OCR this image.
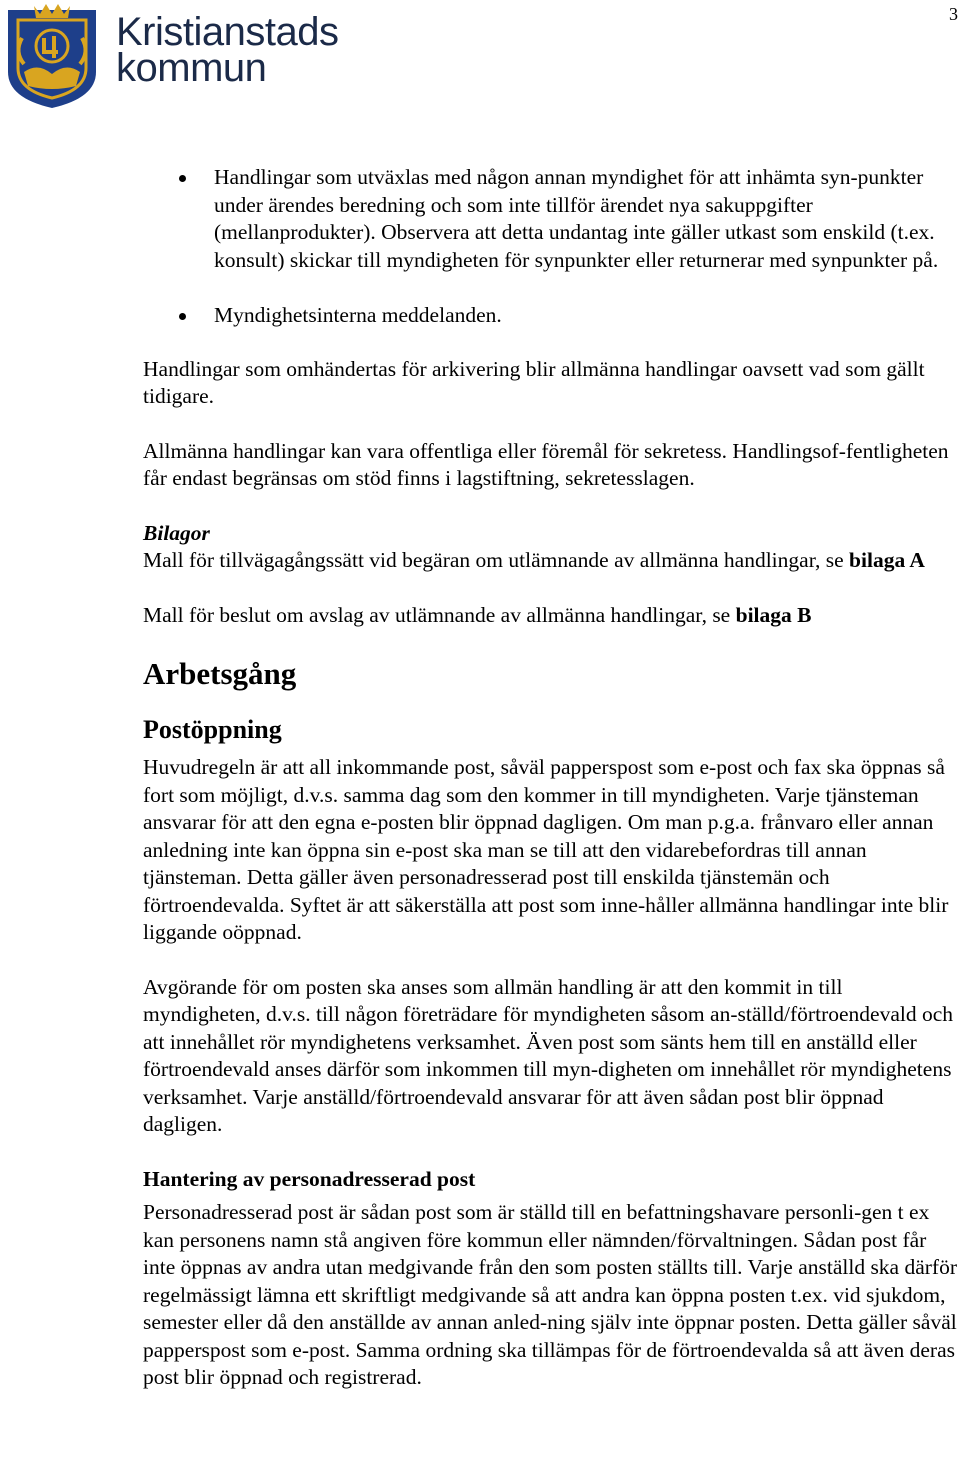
3
Kristianstads
kommun
Handlingar som utväxlas med någon annan myndighet för att inhämta syn-punkter under ärendes beredning och som inte tillför ärendet nya sakuppgifter (mellanprodukter). Observera att detta undantag inte gäller utkast som enskild (t.ex. konsult) skickar till myndigheten för synpunkter eller returnerar med synpunkter på.
Myndighetsinterna meddelanden.

Handlingar som omhändertas för arkivering blir allmänna handlingar oavsett vad som gällt tidigare.

Allmänna handlingar kan vara offentliga eller föremål för sekretess. Handlingsof-fentligheten får endast begränsas om stöd finns i lagstiftning, sekretesslagen.

Bilagor

Mall för tillvägagångssätt vid begäran om utlämnande av allmänna handlingar, se bilaga A

Mall för beslut om avslag av utlämnande av allmänna handlingar, se bilaga B

Arbetsgång
Postöppning

Huvudregeln är att all inkommande post, såväl papperspost som e-post och fax ska öppnas så fort som möjligt, d.v.s. samma dag som den kommer in till myndigheten. Varje tjänsteman ansvarar för att den egna e-posten blir öppnad dagligen. Om man p.g.a. frånvaro eller annan anledning inte kan öppna sin e-post ska man se till att den vidarebefordras till annan tjänsteman. Detta gäller även personadresserad post till enskilda tjänstemän och förtroendevalda. Syftet är att säkerställa att post som inne-håller allmänna handlingar inte blir liggande oöppnad.

Avgörande för om posten ska anses som allmän handling är att den kommit in till myndigheten, d.v.s. till någon företrädare för myndigheten såsom an-ställd/förtroendevald och att innehållet rör myndighetens verksamhet. Även post som sänts hem till en anställd eller förtroendevald anses därför som inkommen till myn-digheten om innehållet rör myndighetens verksamhet. Varje anställd/förtroendevald ansvarar för att även sådan post blir öppnad dagligen.

Hantering av personadresserad post

Personadresserad post är sådan post som är ställd till en befattningshavare personli-gen t ex kan personens namn stå angiven före kommun eller nämnden/förvaltningen. Sådan post får inte öppnas av andra utan medgivande från den som posten ställts till. Varje anställd ska därför regelmässigt lämna ett skriftligt medgivande så att andra kan öppna posten t.ex. vid sjukdom, semester eller då den anställde av annan anled-ning själv inte öppnar posten. Detta gäller såväl papperspost som e-post. Samma ordning ska tillämpas för de förtroendevalda så att även deras post blir öppnad och registrerad.
